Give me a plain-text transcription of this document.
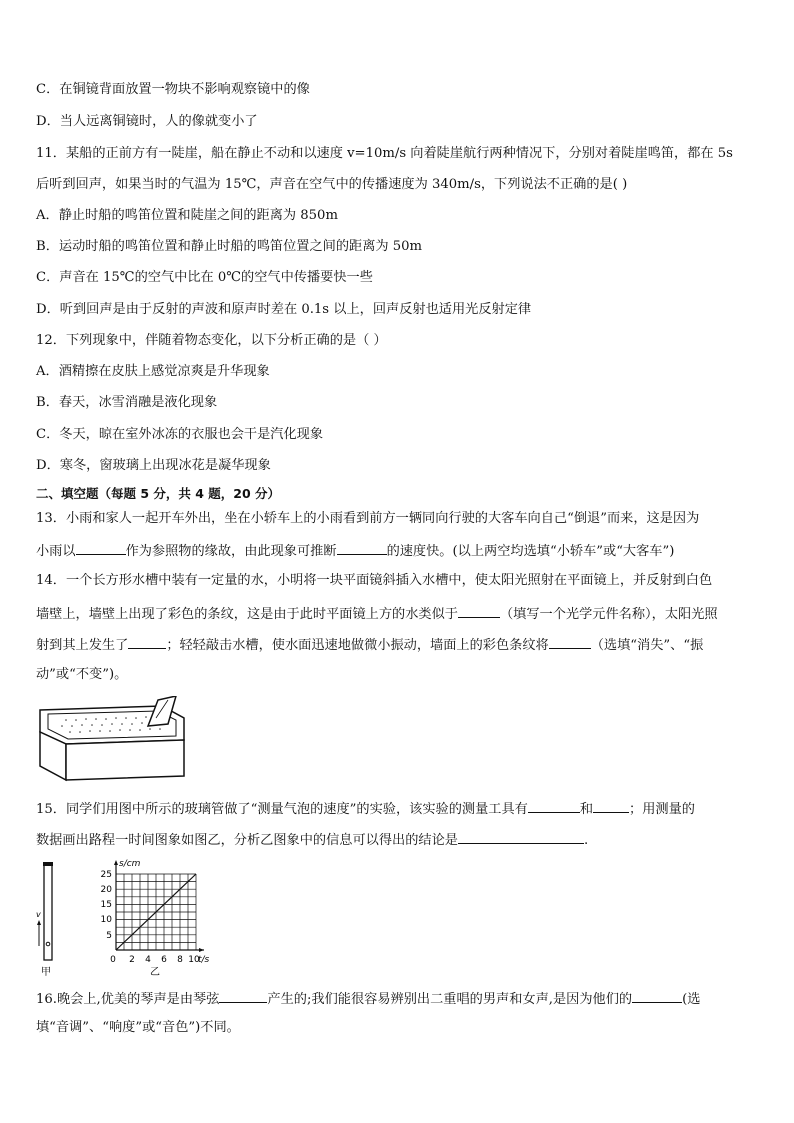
C．在铜镜背面放置一物块不影响观察镜中的像
D．当人远离铜镜时，人的像就变小了
11．某船的正前方有一陡崖，船在静止不动和以速度 v=10m/s 向着陡崖航行两种情况下，分别对着陡崖鸣笛，都在 5s
后听到回声，如果当时的气温为 15℃，声音在空气中的传播速度为 340m/s，下列说法不正确的是( )
A．静止时船的鸣笛位置和陡崖之间的距离为 850m
B．运动时船的鸣笛位置和静止时船的鸣笛位置之间的距离为 50m
C．声音在 15℃的空气中比在 0℃的空气中传播要快一些
D．听到回声是由于反射的声波和原声时差在 0.1s 以上，回声反射也适用光反射定律
12．下列现象中，伴随着物态变化，以下分析正确的是（ ）
A．酒精擦在皮肤上感觉凉爽是升华现象
B．春天，冰雪消融是液化现象
C．冬天，晾在室外冰冻的衣服也会干是汽化现象
D．寒冬，窗玻璃上出现冰花是凝华现象
二、填空题（每题 5 分，共 4 题，20 分）
13．小雨和家人一起开车外出，坐在小轿车上的小雨看到前方一辆同向行驶的大客车向自己“倒退”而来，这是因为
小雨以	作为参照物的缘故，由此现象可推断	的速度快。(以上两空均选填“小轿车”或“大客车”)
14．一个长方形水槽中装有一定量的水，小明将一块平面镜斜插入水槽中，使太阳光照射在平面镜上，并反射到白色
墙壁上，墙壁上出现了彩色的条纹，这是由于此时平面镜上方的水类似于	（填写一个光学元件名称），太阳光照
射到其上发生了	；轻轻敲击水槽，使水面迅速地做微小振动，墙面上的彩色条纹将	（选填“消失”、“振
动”或“不变”)。
15．同学们用图中所示的玻璃管做了“测量气泡的速度”的实验，该实验的测量工具有	和	；用测量的
数据画出路程一时间图象如图乙，分析乙图象中的信息可以得出的结论是	.
v
甲
s/cm
t/s
25
20
15
10
5
0 2 4 6 8 10
乙
16.晚会上,优美的琴声是由琴弦	产生的;我们能很容易辨别出二重唱的男声和女声,是因为他们的	(选
填“音调”、“响度”或“音色”)不同。
